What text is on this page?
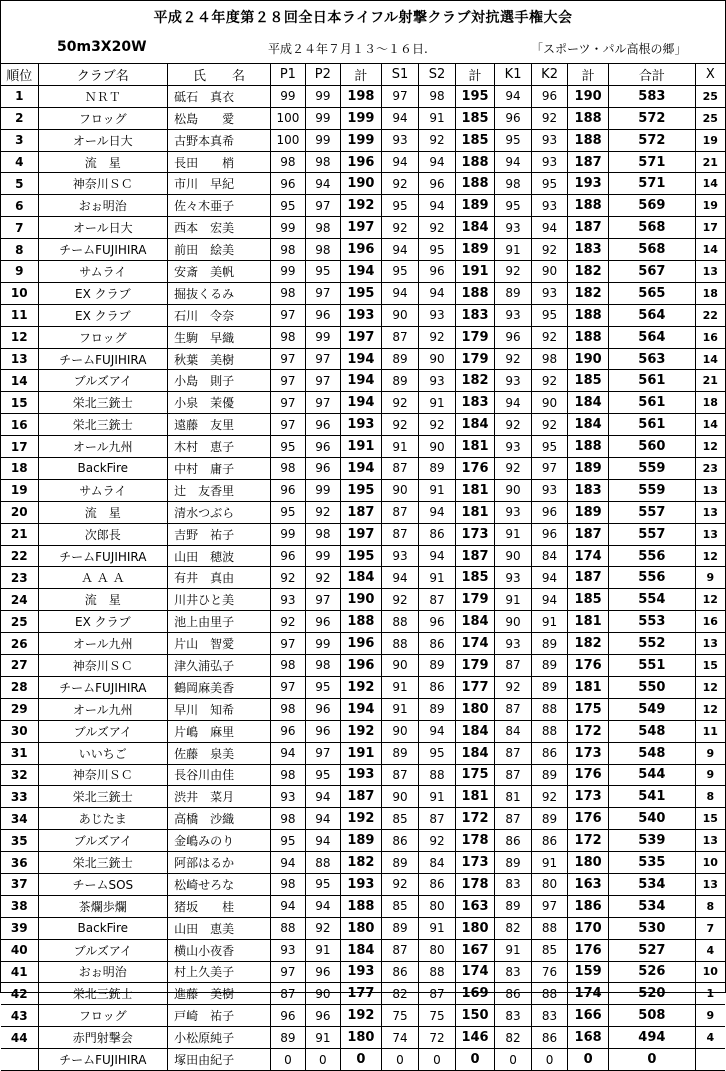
平成２４年度第２８回全日本ライフル射撃クラブ対抗選手権大会
50m3X20W	平成２４年７月１３～１６日.	「スポーツ・パル高根の郷」
順位	クラブ名	氏　　名	P1	P2	計	S1	S2	計	K1	K2	計	合計	X
1	ＮＲＴ	砥石　真衣	99	99	198	97	98	195	94	96	190	583	25
2	フロッグ	松島　　愛	100	99	199	94	91	185	96	92	188	572	25
3	オール日大	古野本真希	100	99	199	93	92	185	95	93	188	572	19
4	流　星	長田　　梢	98	98	196	94	94	188	94	93	187	571	21
5	神奈川ＳＣ	市川　早紀	96	94	190	92	96	188	98	95	193	571	14
6	おぉ明治	佐々木亜子	95	97	192	95	94	189	95	93	188	569	19
7	オール日大	西本　宏美	99	98	197	92	92	184	93	94	187	568	17
8	チームFUJIHIRA	前田　絵美	98	98	196	94	95	189	91	92	183	568	14
9	サムライ	安斎　美帆	99	95	194	95	96	191	92	90	182	567	13
10	EX クラブ	掘抜くるみ	98	97	195	94	94	188	89	93	182	565	18
11	EX クラブ	石川　令奈	97	96	193	90	93	183	93	95	188	564	22
12	フロッグ	生駒　早織	98	99	197	87	92	179	96	92	188	564	16
13	チームFUJIHIRA	秋葉　美樹	97	97	194	89	90	179	92	98	190	563	14
14	ブルズアイ	小島　則子	97	97	194	89	93	182	93	92	185	561	21
15	栄北三銃士	小泉　茉優	97	97	194	92	91	183	94	90	184	561	18
16	栄北三銃士	遠藤　友里	97	96	193	92	92	184	92	92	184	561	14
17	オール九州	木村　恵子	95	96	191	91	90	181	93	95	188	560	12
18	BackFire	中村　庸子	98	96	194	87	89	176	92	97	189	559	23
19	サムライ	辻　友香里	96	99	195	90	91	181	90	93	183	559	13
20	流　星	清水つぶら	95	92	187	87	94	181	93	96	189	557	13
21	次郎長	吉野　祐子	99	98	197	87	86	173	91	96	187	557	13
22	チームFUJIHIRA	山田　穂波	96	99	195	93	94	187	90	84	174	556	12
23	Ａ Ａ Ａ	有井　真由	92	92	184	94	91	185	93	94	187	556	9
24	流　星	川井ひと美	93	97	190	92	87	179	91	94	185	554	12
25	EX クラブ	池上由里子	92	96	188	88	96	184	90	91	181	553	16
26	オール九州	片山　智愛	97	99	196	88	86	174	93	89	182	552	13
27	神奈川ＳＣ	津久浦弘子	98	98	196	90	89	179	87	89	176	551	15
28	チームFUJIHIRA	鶴岡麻美香	97	95	192	91	86	177	92	89	181	550	12
29	オール九州	早川　知希	98	96	194	91	89	180	87	88	175	549	12
30	ブルズアイ	片嶋　麻里	96	96	192	90	94	184	84	88	172	548	11
31	いいちご	佐藤　泉美	94	97	191	89	95	184	87	86	173	548	9
32	神奈川ＳＣ	長谷川由佳	98	95	193	87	88	175	87	89	176	544	9
33	栄北三銃士	渋井　菜月	93	94	187	90	91	181	81	92	173	541	8
34	あじたま	高橋　沙織	98	94	192	85	87	172	87	89	176	540	15
35	ブルズアイ	金嶋みのり	95	94	189	86	92	178	86	86	172	539	13
36	栄北三銃士	阿部はるか	94	88	182	89	84	173	89	91	180	535	10
37	チームSOS	松崎せろな	98	95	193	92	86	178	83	80	163	534	13
38	茶爛歩爛	猪坂　　桂	94	94	188	85	80	163	89	97	186	534	8
39	BackFire	山田　恵美	88	92	180	89	91	180	82	88	170	530	7
40	ブルズアイ	横山小夜香	93	91	184	87	80	167	91	85	176	527	4
41	おぉ明治	村上久美子	97	96	193	86	88	174	83	76	159	526	10
42	栄北三銃士	進藤　美樹	87	90	177	82	87	169	86	88	174	520	1
43	フロッグ	戸崎　祐子	96	96	192	75	75	150	83	83	166	508	9
44	赤門射撃会	小松原純子	89	91	180	74	72	146	82	86	168	494	4
	チームFUJIHIRA	塚田由紀子	0	0	0	0	0	0	0	0	0	0	
